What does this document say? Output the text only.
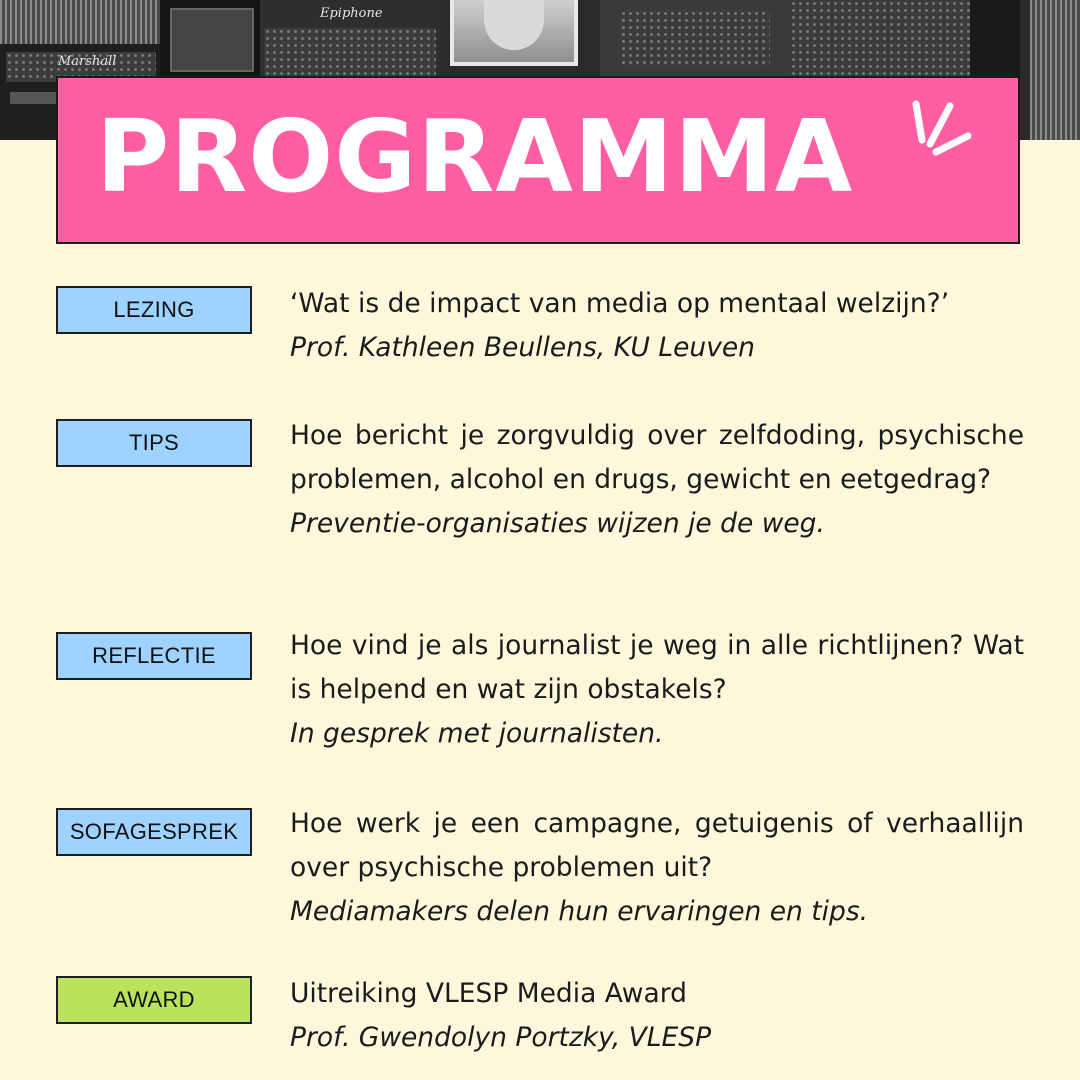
Marshall
Epiphone
PROGRAMMA
LEZING	‘Wat is de impact van media op mentaal welzijn?’
Prof. Kathleen Beullens, KU Leuven
TIPS	Hoe bericht je zorgvuldig over zelfdoding, psychische problemen, alcohol en drugs, gewicht en eetgedrag?
Preventie-organisaties wijzen je de weg.
REFLECTIE	Hoe vind je als journalist je weg in alle richtlijnen? Wat is helpend en wat zijn obstakels?
In gesprek met journalisten.
SOFAGESPREK	Hoe werk je een campagne, getuigenis of verhaallijn over psychische problemen uit?
Mediamakers delen hun ervaringen en tips.
AWARD	Uitreiking VLESP Media Award
Prof. Gwendolyn Portzky, VLESP
